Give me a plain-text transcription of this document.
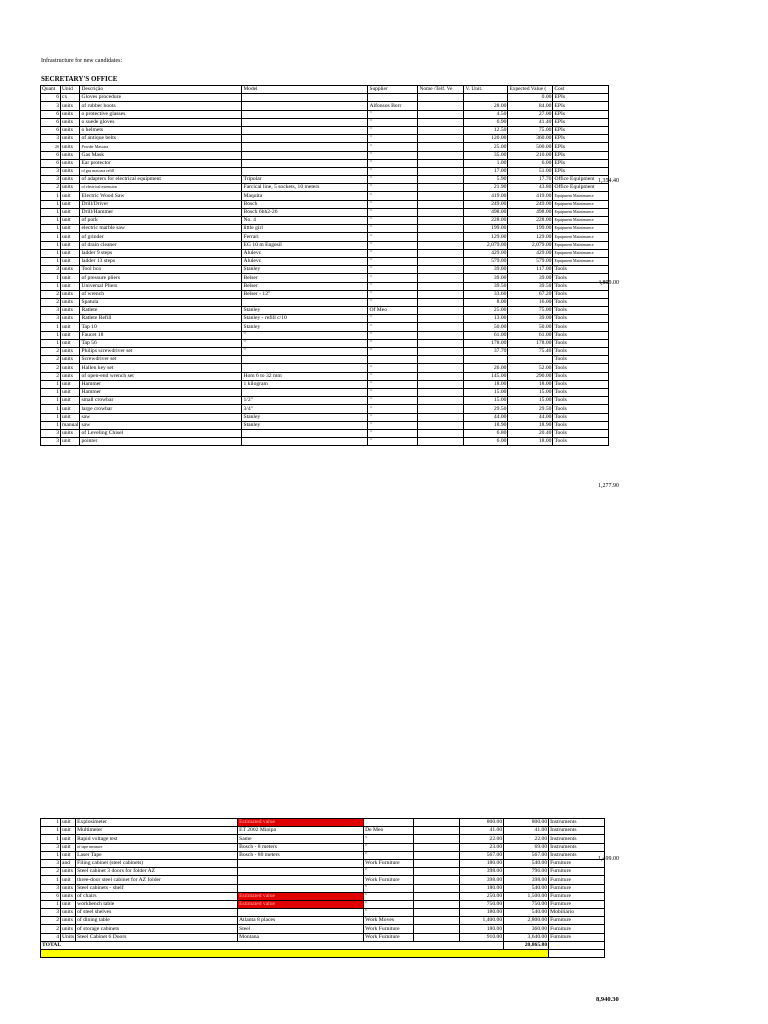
Infrastructure for new candidates:
SECRETARY'S OFFICE
Quant	Unid	Descrição	Model	Supplier	Nome /Telf. Ve	V. Unit.	Expected Value (	Cost
6	cx	Gloves procedure					0.00	EPIs
3	units	of rubber boots		Alfonsos Borr		28.00	84.00	EPIs
6	units	o protective glasses		"		4.50	27.00	EPIs
6	units	o suede gloves		"		6.90	41.40	EPIs
6	units	o helmets		"		12.50	75.00	EPIs
3	units	of antique belts		"		120.00	360.00	EPIs
20	units	Powder Mascara		"		25.00	500.00	EPIs
6	units	Gas Mask		"		35.00	210.00	EPIs
6	units	Ear protector		"		1.00	6.00	EPIs
3	units	of gas mascara refill		"		17.00	51.00	EPIs
3	units	of adapters for electrical equipment	Tripolar	"		5.90	17.70	Office Equipment
2	units	of electrical extension	Farcical line, 5 sockets, 10 meters	"		21.90	43.80	Office Equipment
1	unit	Electric Wood Saw	Maquita	"		419.00	419.00	Equipment Maintenance
1	unit	Drill/Driver	Bosch	"		249.00	249.00	Equipment Maintenance
1	unit	Drill/Hammer	Bosch 6bh2-26	"		498.00	498.00	Equipment Maintenance
1	unit	of pork	No. 4	"		228.00	228.00	Equipment Maintenance
1	unit	electric marble saw	little girl	"		199.00	199.00	Equipment Maintenance
1	unit	of grinder	Ferrari	"		129.00	129.00	Equipment Maintenance
1	unit	of drain cleaner	EG 10 m Engesil	"		2,079.00	2,079.00	Equipment Maintenance
1	unit	ladder 9 steps	Alulevc	"		429.00	429.00	Equipment Maintenance
1	unit	ladder 13 steps	Alulevc	"		579.00	579.00	Equipment Maintenance
3	units	Tool box	Stanley	"		39.00	117.00	Tools
1	unit	of pressure pliers	Belser	"		39.00	39.00	Tools
1	unit	Universal Pliers	Belser	"		39.50	39.50	Tools
2	units	of wrench	Belser - 12"	"		33.60	67.20	Tools
2	units	Spatula		"		8.00	16.00	Tools
3	units	Ratlete	Stanley	Of Meo		25.00	75.00	Tools
3	units	Ratlete Refill	Stanley - refill c/10	"		13.00	39.00	Tools
1	unit	Tap 10	Stanley	"		50.00	50.00	Tools
1	unit	Faucet 18	"	"		61.00	61.00	Tools
1	unit	Tap 56	"	"		178.00	178.00	Tools
2	units	Philips screwdriver set	"	"		37.70	75.40	Tools
2	units	Screwdriver set						Tools
2	units	Hallen key set		"		26.00	52.00	Tools
2	units	of open-end wrench set	Hom 6 to 32 mm	"		145.00	290.00	Tools
1	unit	Hammer	1 kilogram	"		18.00	18.00	Tools
1	unit	Hammer		"		15.00	15.00	Tools
1	unit	small crowbar	1/2"	"		15.00	15.00	Tools
1	unit	large crowbar	3/4"	"		29.50	29.50	Tools
1	unit	saw	Stanley	"		44.00	44.00	Tools
1	manual	saw	Stanley	"		18.90	18.90	Tools
3	units	of Leveling Chisel		"		6.80	20.40	Tools
3	unit	pointer		"		6.00	18.00	Tools
1	unit	Explosimeter	Estimated value			800.00	800.00	Instruments
1	unit	Multimeter	ET 2002 Minipa	De Meo		41.00	41.00	Instruments
1	unit	Rapid voltage test	Same	"		22.00	22.00	Instruments
3	unit	of tape measure	Bosch - 8 meters	"		23.00	69.00	Instruments
1	unit	Laser Tape	Bosch - 80 meters	"		567.00	567.00	Instruments
3	and	Filing cabinet (steel cabinets)		Work Furniture		180.00	540.00	Furniture
2	units	Steel cabinet 3 doors for folder AZ		"		398.00	796.00	Furniture
1	unit	three-door steel cabinet for AZ folder		Work Furniture		398.00	398.00	Furniture
3	units	Steel cabinets - shelf		"		180.00	540.00	Furniture
6	units	of chairs	Estimated value	"		250.00	1,500.00	Furniture
1	unit	workbench table	Estimated value	"		750.00	750.00	Furniture
3	units	of steel shelves		"		180.00	540.00	Mobiliário
2	units	of dining table	Atlanta 8 places	Work Moves		1,400.00	2,800.00	Furniture
2	units	of storage cabinets	Steel	Work Furniture		180.00	360.00	Furniture
4	Units	Steel Cabinet 6 Doors	Montana	Work Furniture		910.00	3,640.00	Furniture
TOTAL							20,865.80	

1,354.40
4,809.00
1,277.90
1,499.00
8,940.30
